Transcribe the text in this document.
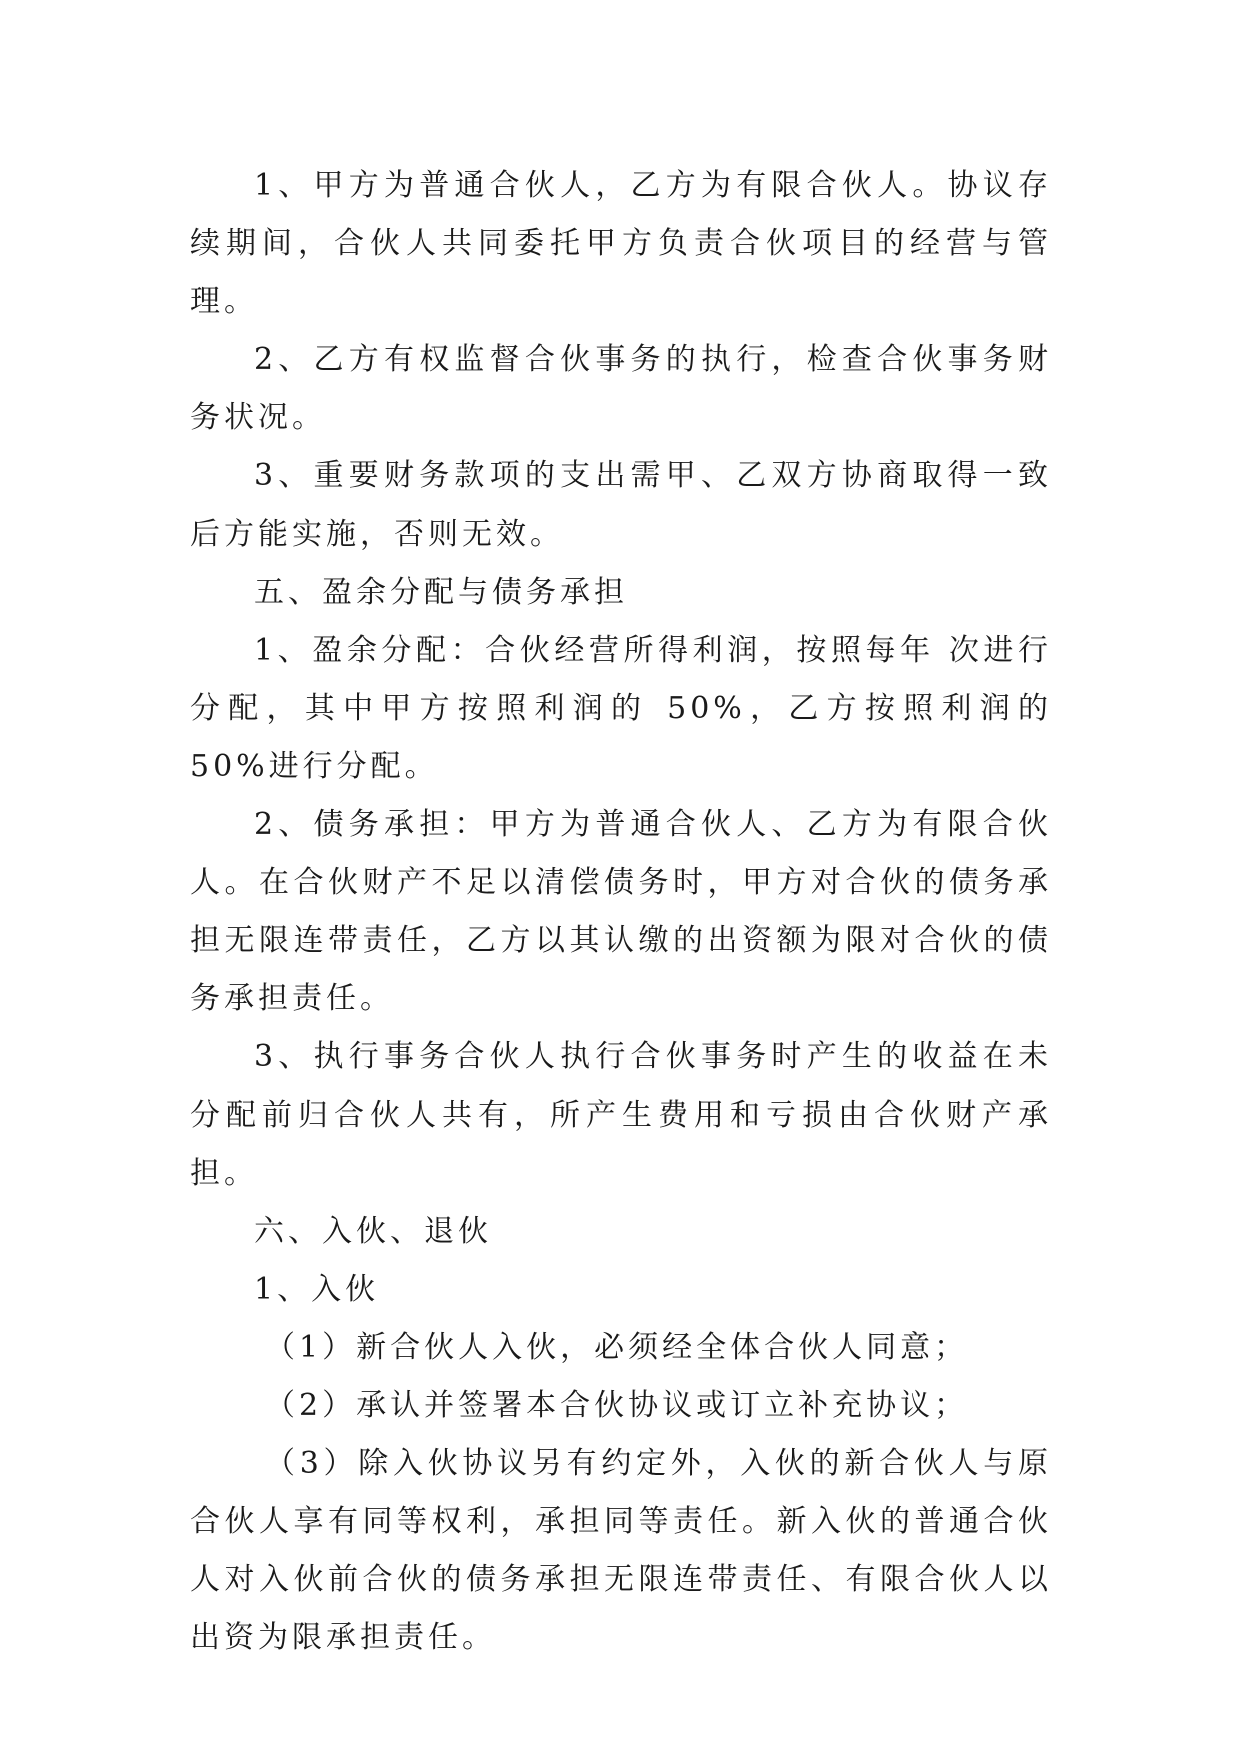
1、甲方为普通合伙人，乙方为有限合伙人。协议存续期间，合伙人共同委托甲方负责合伙项目的经营与管理。

2、乙方有权监督合伙事务的执行，检查合伙事务财务状况。

3、重要财务款项的支出需甲、乙双方协商取得一致后方能实施，否则无效。

五、盈余分配与债务承担

1、盈余分配：合伙经营所得利润，按照每年 次进行分配，其中甲方按照利润的 50%，乙方按照利润的 50%进行分配。

2、债务承担：甲方为普通合伙人、乙方为有限合伙人。在合伙财产不足以清偿债务时，甲方对合伙的债务承担无限连带责任，乙方以其认缴的出资额为限对合伙的债务承担责任。

3、执行事务合伙人执行合伙事务时产生的收益在未分配前归合伙人共有，所产生费用和亏损由合伙财产承担。

六、入伙、退伙

1、入伙

（1）新合伙人入伙，必须经全体合伙人同意；

（2）承认并签署本合伙协议或订立补充协议；

（3）除入伙协议另有约定外，入伙的新合伙人与原合伙人享有同等权利，承担同等责任。新入伙的普通合伙人对入伙前合伙的债务承担无限连带责任、有限合伙人以出资为限承担责任。
